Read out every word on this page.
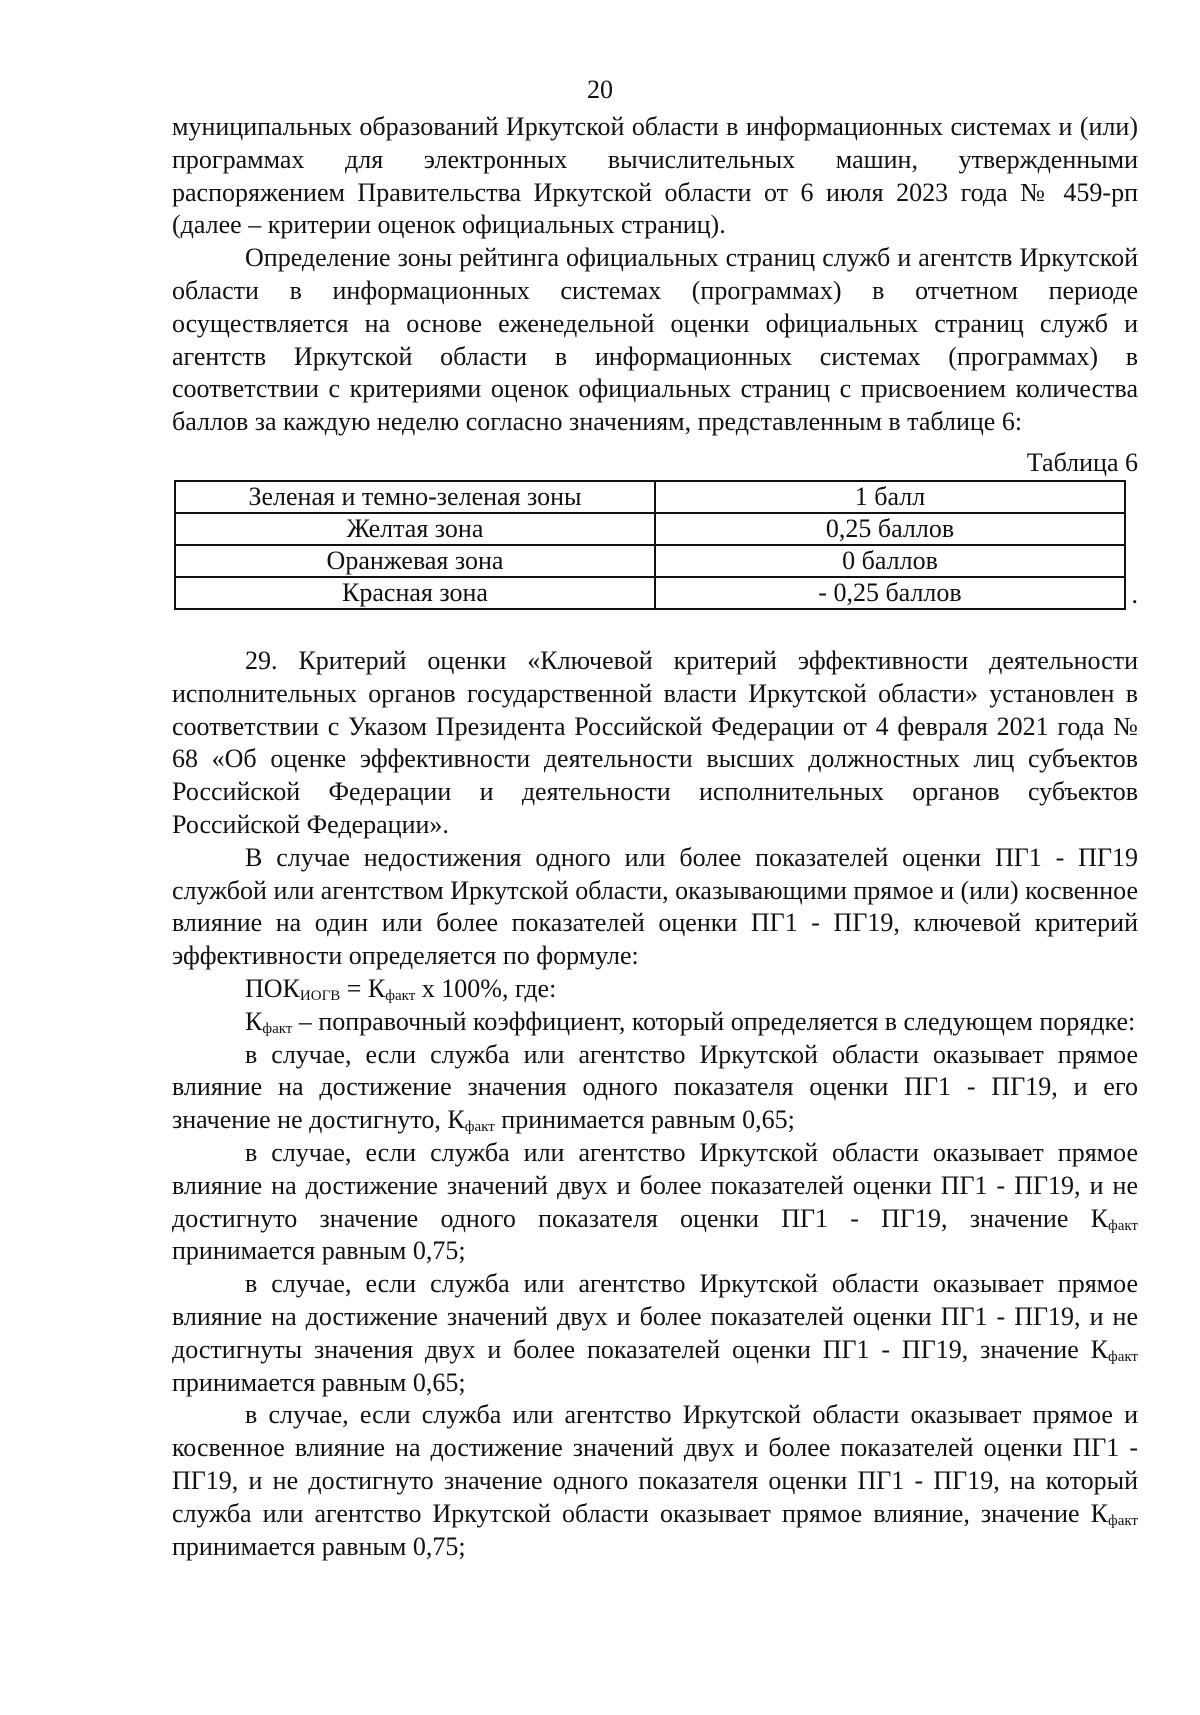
20

муниципальных образований Иркутской области в информационных системах и (или) программах для электронных вычислительных машин, утвержденными распоряжением Правительства Иркутской области от 6 июля 2023 года № 459-рп (далее – критерии оценок официальных страниц).

Определение зоны рейтинга официальных страниц служб и агентств Иркутской области в информационных системах (программах) в отчетном периоде осуществляется на основе еженедельной оценки официальных страниц служб и агентств Иркутской области в информационных системах (программах) в соответствии с критериями оценок официальных страниц с присвоением количества баллов за каждую неделю согласно значениям, представленным в таблице 6:

Таблица 6
Зеленая и темно-зеленая зоны	1 балл
Желтая зона	0,25 баллов
Оранжевая зона	0 баллов
Красная зона	- 0,25 баллов	.

29. Критерий оценки «Ключевой критерий эффективности деятельности исполнительных органов государственной власти Иркутской области» установлен в соответствии с Указом Президента Российской Федерации от 4 февраля 2021 года № 68 «Об оценке эффективности деятельности высших должностных лиц субъектов Российской Федерации и деятельности исполнительных органов субъектов Российской Федерации».

В случае недостижения одного или более показателей оценки ПГ1 - ПГ19 службой или агентством Иркутской области, оказывающими прямое и (или) косвенное влияние на один или более показателей оценки ПГ1 - ПГ19, ключевой критерий эффективности определяется по формуле:

$ПОК_{ИОГВ} = К_{факт}$ х 100%, где:

$К_{факт}$ – поправочный коэффициент, который определяется в следующем порядке:

в случае, если служба или агентство Иркутской области оказывает прямое влияние на достижение значения одного показателя оценки ПГ1 - ПГ19, и его значение не достигнуто, $К_{факт}$ принимается равным 0,65;

в случае, если служба или агентство Иркутской области оказывает прямое влияние на достижение значений двух и более показателей оценки ПГ1 - ПГ19, и не достигнуто значение одного показателя оценки ПГ1 - ПГ19, значение $К_{факт}$ принимается равным 0,75;

в случае, если служба или агентство Иркутской области оказывает прямое влияние на достижение значений двух и более показателей оценки ПГ1 - ПГ19, и не достигнуты значения двух и более показателей оценки ПГ1 - ПГ19, значение $К_{факт}$ принимается равным 0,65;

в случае, если служба или агентство Иркутской области оказывает прямое и косвенное влияние на достижение значений двух и более показателей оценки ПГ1 - ПГ19, и не достигнуто значение одного показателя оценки ПГ1 - ПГ19, на который служба или агентство Иркутской области оказывает прямое влияние, значение $К_{факт}$ принимается равным 0,75;
